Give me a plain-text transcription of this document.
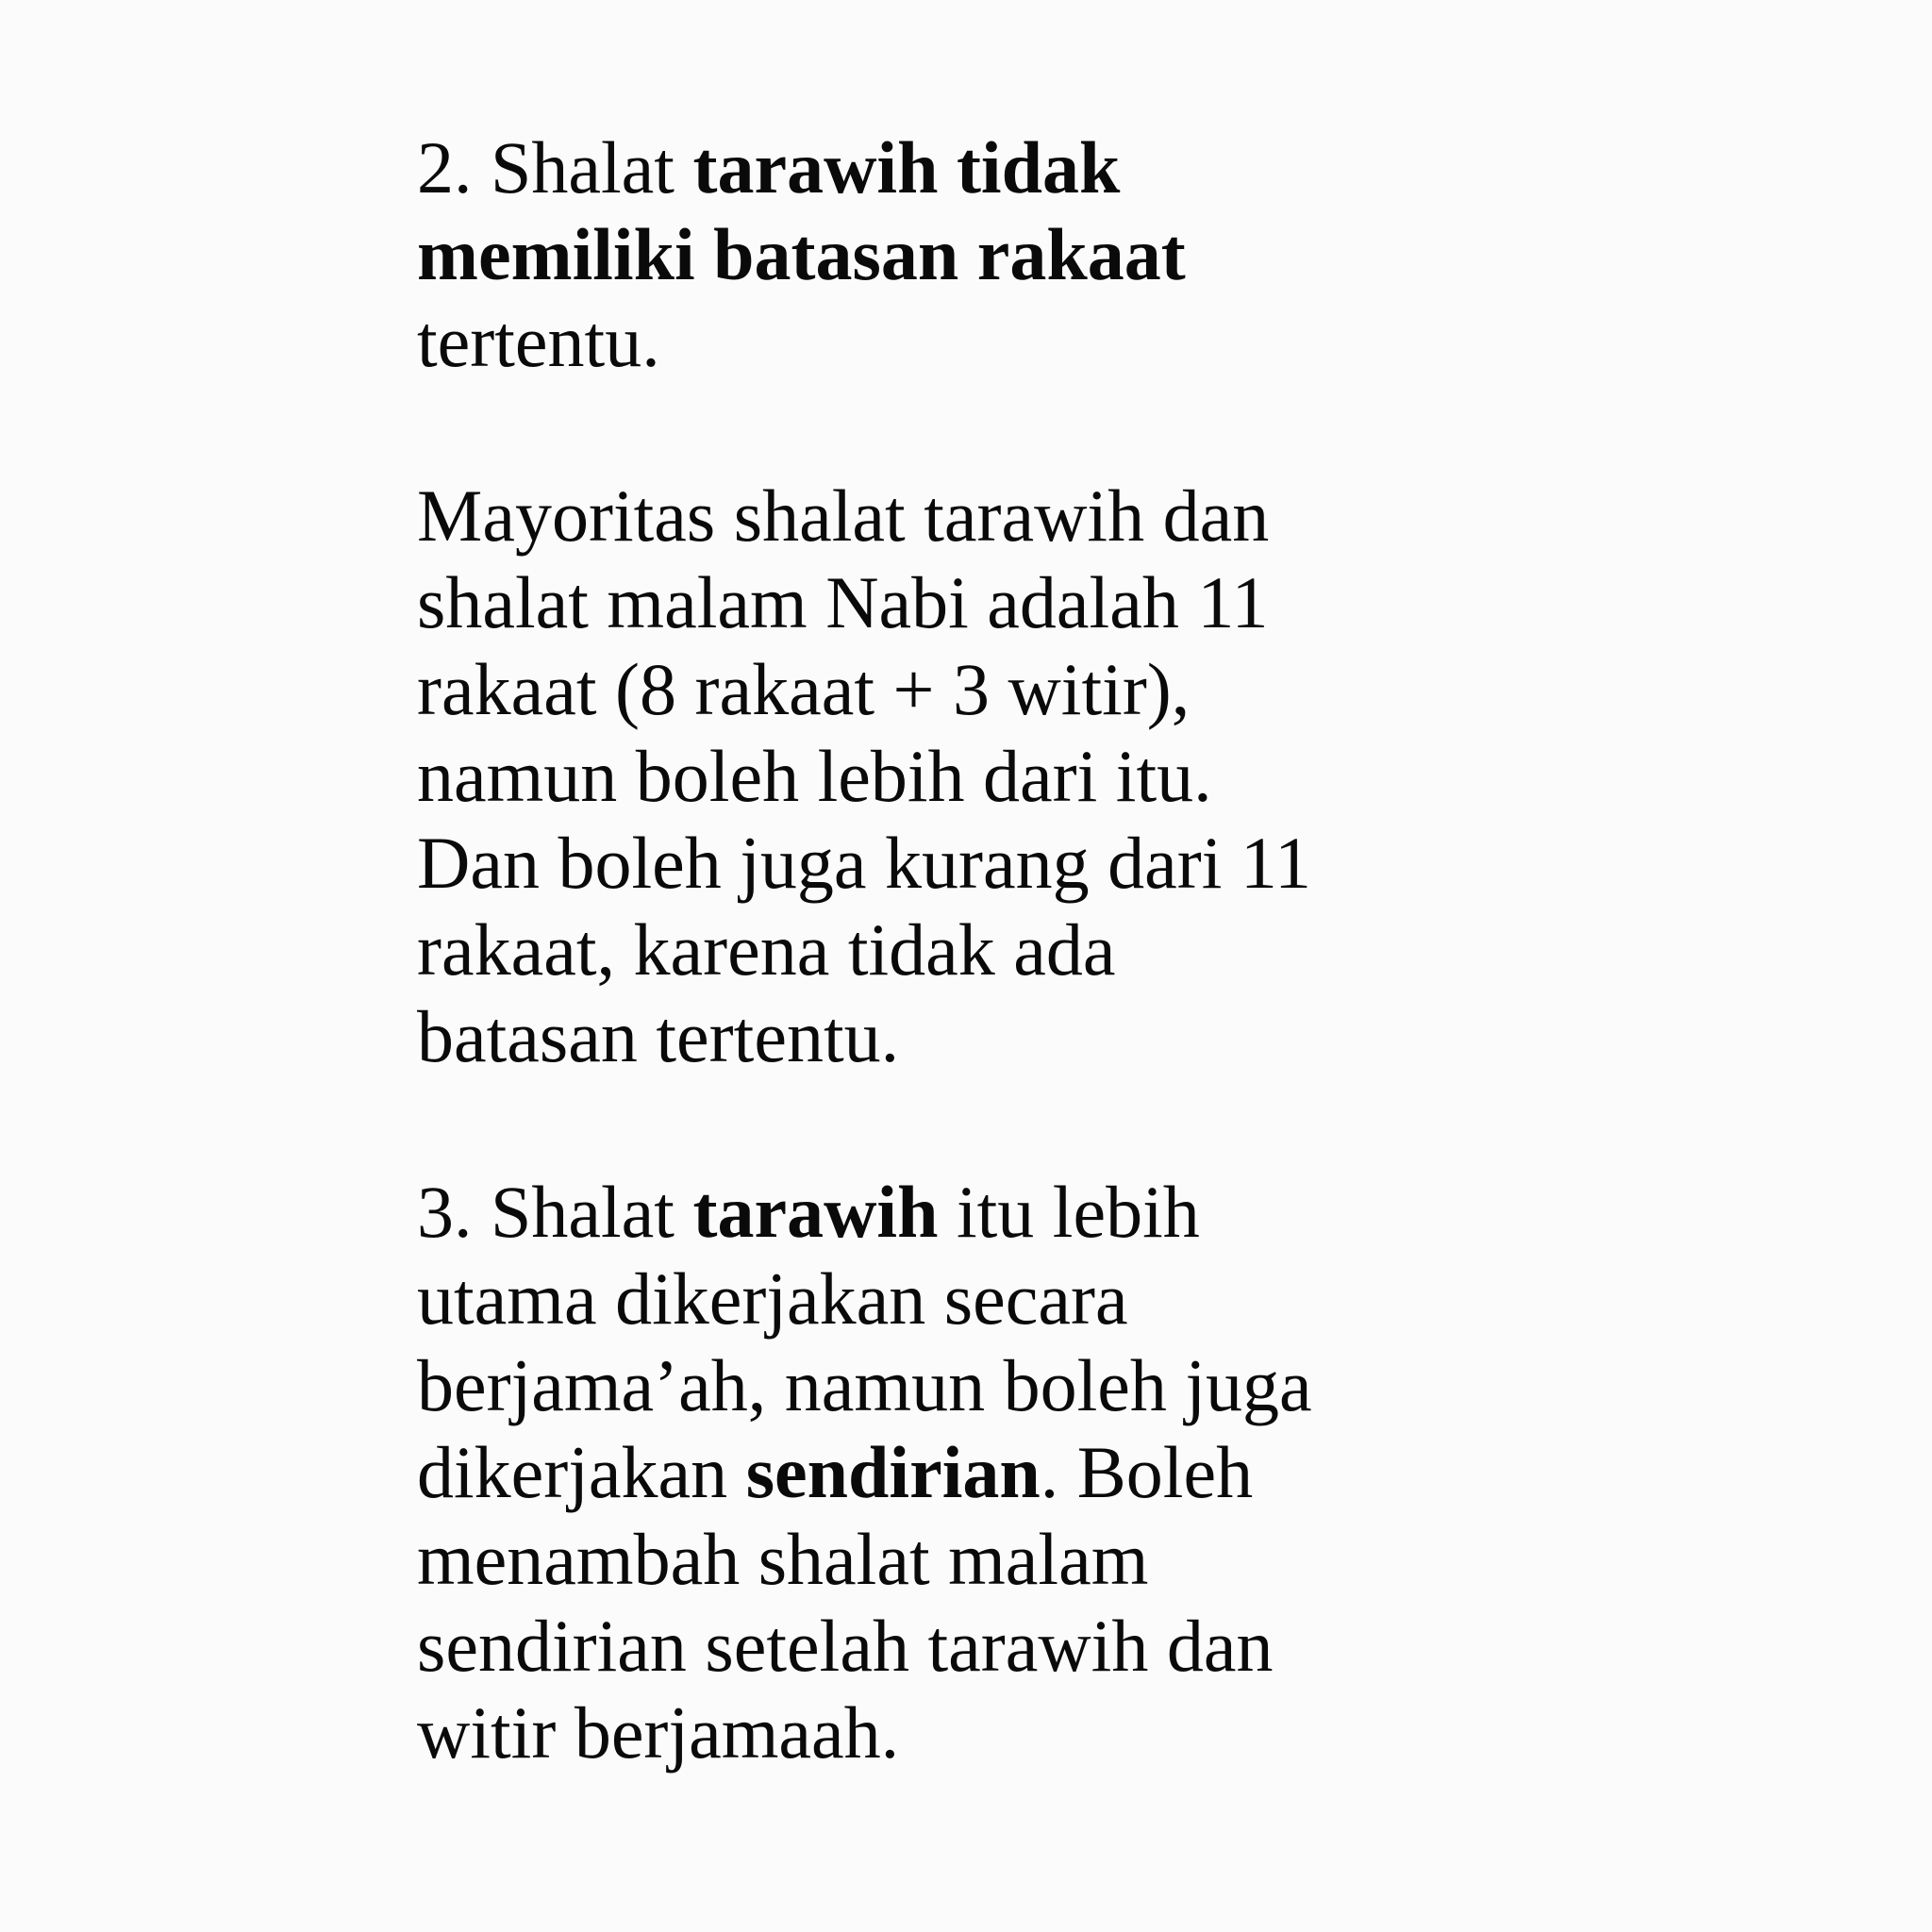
2. Shalat tarawih tidak
memiliki batasan rakaat
tertentu.
Mayoritas shalat tarawih dan
shalat malam Nabi adalah 11
rakaat (8 rakaat + 3 witir),
namun boleh lebih dari itu.
Dan boleh juga kurang dari 11
rakaat, karena tidak ada
batasan tertentu.
3. Shalat tarawih itu lebih
utama dikerjakan secara
berjama’ah, namun boleh juga
dikerjakan sendirian. Boleh
menambah shalat malam
sendirian setelah tarawih dan
witir berjamaah.
